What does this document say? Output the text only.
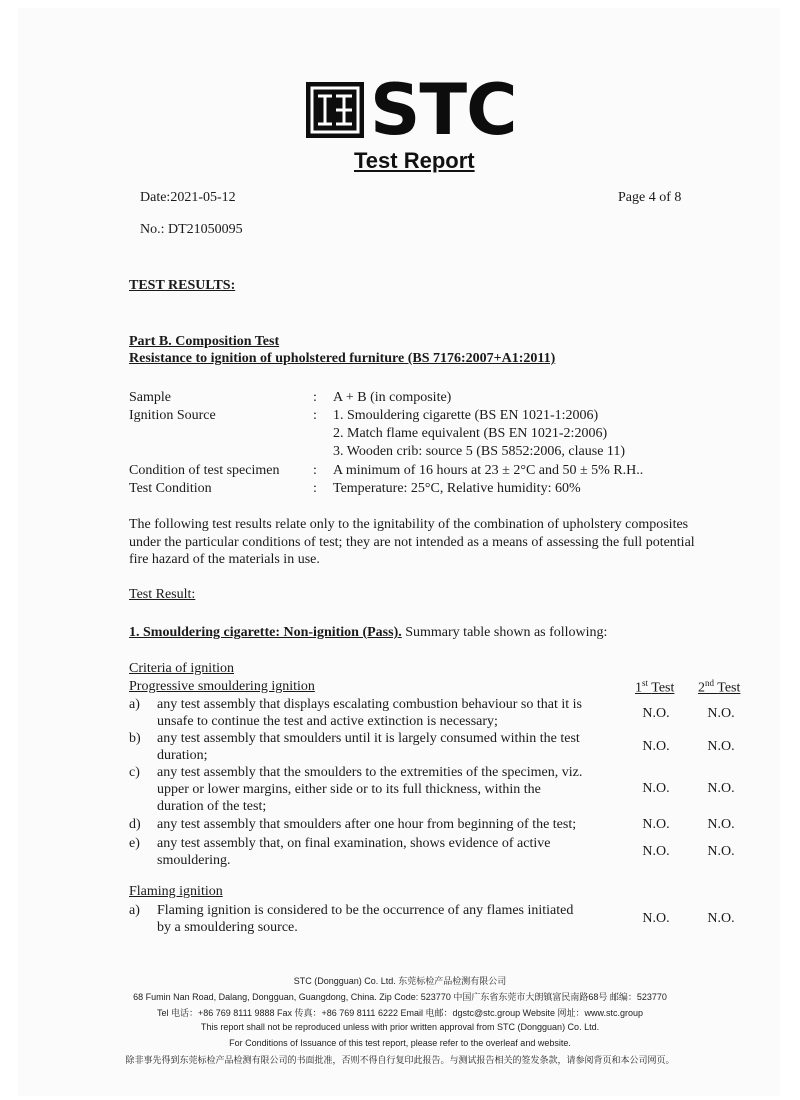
STC
Test Report
Date:2021-05-12	Page 4 of 8
No.: DT21050095
TEST RESULTS:
Part B. Composition Test
Resistance to ignition of upholstered furniture (BS 7176:2007+A1:2011)
Sample	: A + B (in composite)
Ignition Source	: 1. Smouldering cigarette (BS EN 1021-1:2006)
2. Match flame equivalent (BS EN 1021-2:2006)
3. Wooden crib: source 5 (BS 5852:2006, clause 11)
Condition of test specimen : A minimum of 16 hours at 23 ± 2°C and 50 ± 5% R.H..
Test Condition	: Temperature: 25°C, Relative humidity: 60%
The following test results relate only to the ignitability of the combination of upholstery composites
under the particular conditions of test; they are not intended as a means of assessing the full potential
fire hazard of the materials in use.
Test Result:
1. Smouldering cigarette: Non-ignition (Pass). Summary table shown as following:
Criteria of ignition
Progressive smouldering ignition	1st Test 2nd Test
a) any test assembly that displays escalating combustion behaviour so that it is
unsafe to continue the test and active extinction is necessary;
N.O.	N.O.
b) any test assembly that smoulders until it is largely consumed within the test
duration;
N.O.	N.O.
c) any test assembly that the smoulders to the extremities of the specimen, viz.
upper or lower margins, either side or to its full thickness, within the
duration of the test;
N.O.	N.O.
d) any test assembly that smoulders after one hour from beginning of the test;	N.O.	N.O.
e) any test assembly that, on final examination, shows evidence of active
smouldering.
N.O.	N.O.
Flaming ignition
a) Flaming ignition is considered to be the occurrence of any flames initiated
by a smouldering source.
N.O.	N.O.
STC (Dongguan) Co. Ltd. 东莞标检产品检测有限公司
68 Fumin Nan Road, Dalang, Dongguan, Guangdong, China. Zip Code: 523770 中国广东省东莞市大朗镇富民南路68号 邮编：523770
Tel 电话：+86 769 8111 9888 Fax 传真：+86 769 8111 6222 Email 电邮：dgstc@stc.group Website 网址：www.stc.group
This report shall not be reproduced unless with prior written approval from STC (Dongguan) Co. Ltd.
For Conditions of Issuance of this test report, please refer to the overleaf and website.
除非事先得到东莞标检产品检测有限公司的书面批准，否则不得自行复印此报告。与测试报告相关的签发条款，请参阅背页和本公司网页。
